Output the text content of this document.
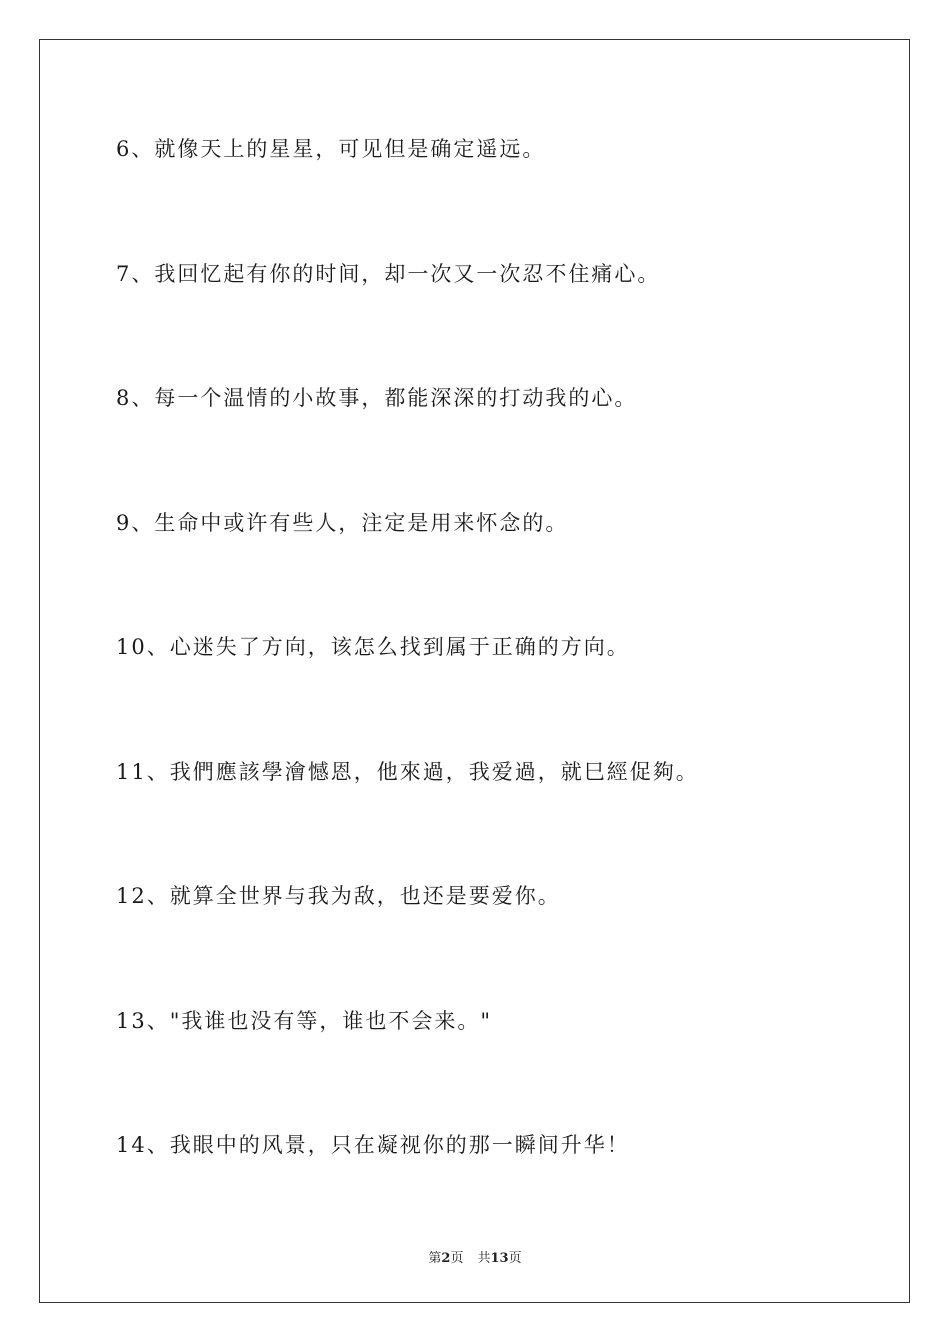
6、就像天上的星星，可见但是确定遥远。
7、我回忆起有你的时间，却一次又一次忍不住痛心。
8、每一个温情的小故事，都能深深的打动我的心。
9、生命中或许有些人，注定是用来怀念的。
10、心迷失了方向，该怎么找到属于正确的方向。
11、我們應該學澮憾恩，他來過，我爱過，就巳經促夠。
12、就算全世界与我为敌，也还是要爱你。
13、"我谁也没有等，谁也不会来。"
14、我眼中的风景，只在凝视你的那一瞬间升华！
第2页 共13页
